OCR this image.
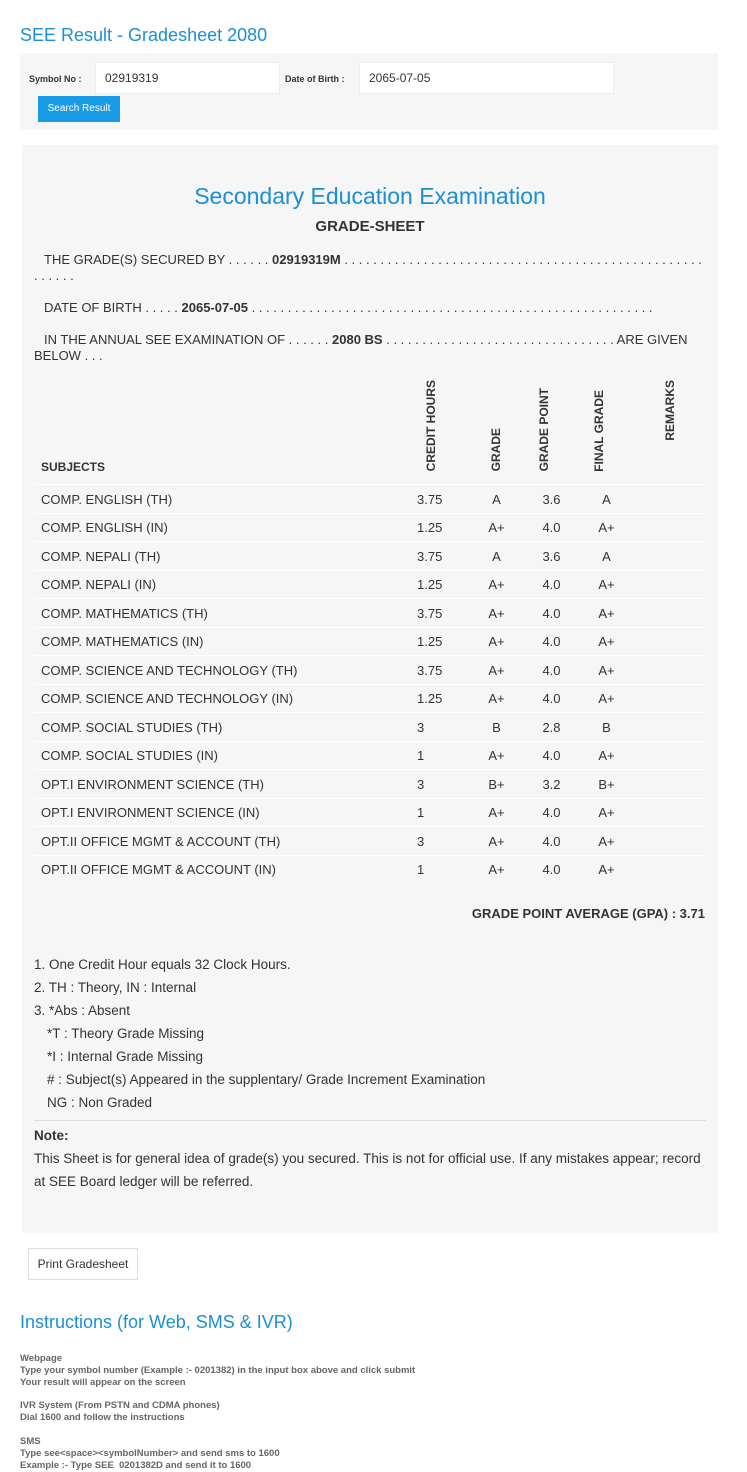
SEE Result - Gradesheet 2080
Symbol No :	02919319	Date of Birth :	2065-07-05
Search Result
Secondary Education Examination
GRADE-SHEET
THE GRADE(S) SECURED BY . . . . . . 02919319M . . . . . . . . . . . . . . . . . . . . . . . . . . . . . . . . . . . . . . . . . . . . . . . . . . . . . . . .
DATE OF BIRTH . . . . . 2065-07-05 . . . . . . . . . . . . . . . . . . . . . . . . . . . . . . . . . . . . . . . . . . . . . . . . . . . . . . . .
IN THE ANNUAL SEE EXAMINATION OF . . . . . . 2080 BS . . . . . . . . . . . . . . . . . . . . . . . . . . . . . . . . ARE GIVEN BELOW . . .
SUBJECTS	CREDIT HOURS	GRADE	GRADE POINT	FINAL GRADE	REMARKS
COMP. ENGLISH (TH)	3.75	A	3.6	A	
COMP. ENGLISH (IN)	1.25	A+	4.0	A+	
COMP. NEPALI (TH)	3.75	A	3.6	A	
COMP. NEPALI (IN)	1.25	A+	4.0	A+	
COMP. MATHEMATICS (TH)	3.75	A+	4.0	A+	
COMP. MATHEMATICS (IN)	1.25	A+	4.0	A+	
COMP. SCIENCE AND TECHNOLOGY (TH)	3.75	A+	4.0	A+	
COMP. SCIENCE AND TECHNOLOGY (IN)	1.25	A+	4.0	A+	
COMP. SOCIAL STUDIES (TH)	3	B	2.8	B	
COMP. SOCIAL STUDIES (IN)	1	A+	4.0	A+	
OPT.I ENVIRONMENT SCIENCE (TH)	3	B+	3.2	B+	
OPT.I ENVIRONMENT SCIENCE (IN)	1	A+	4.0	A+	
OPT.II OFFICE MGMT & ACCOUNT (TH)	3	A+	4.0	A+	
OPT.II OFFICE MGMT & ACCOUNT (IN)	1	A+	4.0	A+	
GRADE POINT AVERAGE (GPA) : 3.71
1. One Credit Hour equals 32 Clock Hours.
2. TH : Theory, IN : Internal
3. *Abs : Absent
*T : Theory Grade Missing
*I : Internal Grade Missing
# : Subject(s) Appeared in the supplentary/ Grade Increment Examination
NG : Non Graded
Note:
This Sheet is for general idea of grade(s) you secured. This is not for official use. If any mistakes appear; record at SEE Board ledger will be referred.
Print Gradesheet
Instructions (for Web, SMS & IVR)
Webpage
Type your symbol number (Example :- 0201382) in the input box above and click submit
Your result will appear on the screen
IVR System (From PSTN and CDMA phones)
Dial 1600 and follow the instructions
SMS
Type see<space><symbolNumber> and send sms to 1600
Example :- Type SEE  0201382D and send it to 1600
